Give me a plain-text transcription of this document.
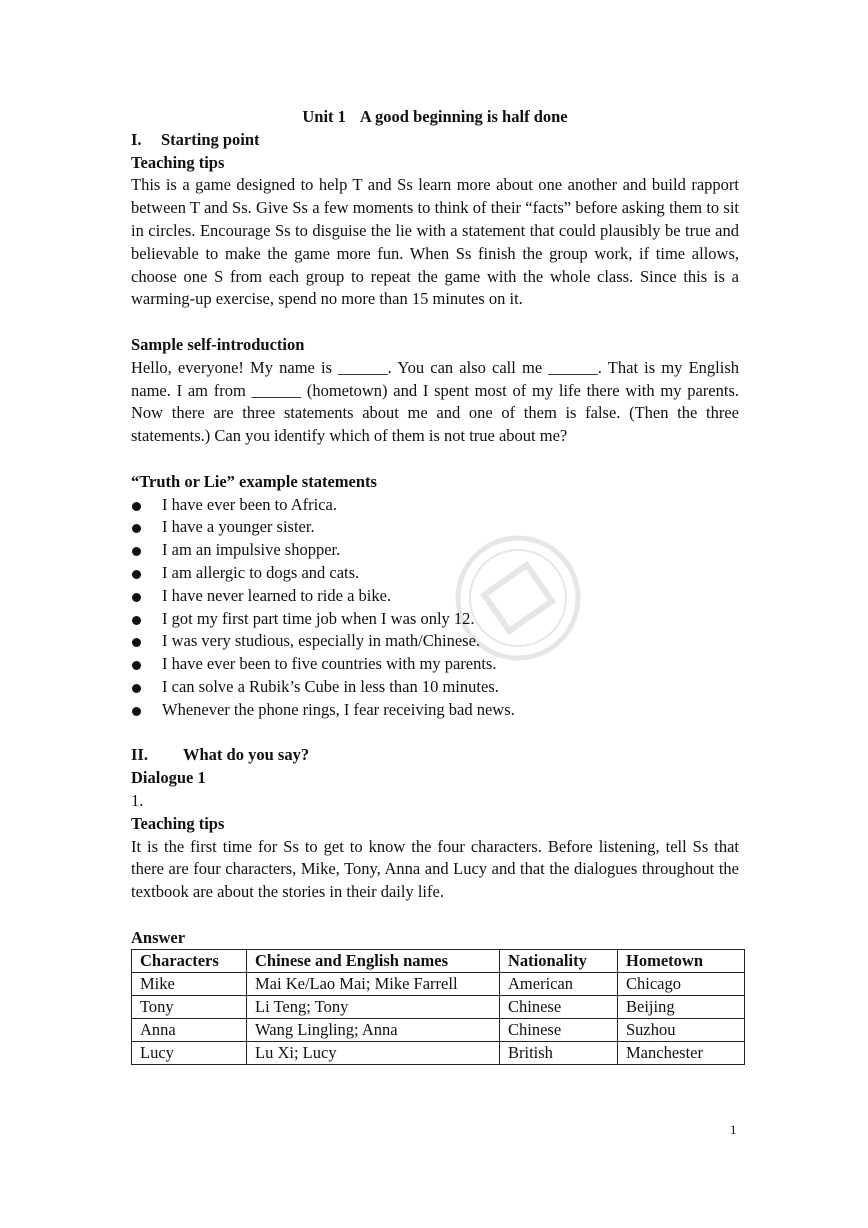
Unit 1 A good beginning is half done
I. Starting point
Teaching tips

This is a game designed to help T and Ss learn more about one another and build rapport between T and Ss. Give Ss a few moments to think of their “facts” before asking them to sit in circles. Encourage Ss to disguise the lie with a statement that could plausibly be true and believable to make the game more fun. When Ss finish the group work, if time allows, choose one S from each group to repeat the game with the whole class. Since this is a warming-up exercise, spend no more than 15 minutes on it.

Sample self-introduction

Hello, everyone! My name is ______. You can also call me ______. That is my English name. I am from ______ (hometown) and I spent most of my life there with my parents. Now there are three statements about me and one of them is false. (Then the three statements.) Can you identify which of them is not true about me?

“Truth or Lie” example statements
I have ever been to Africa.
I have a younger sister.
I am an impulsive shopper.
I am allergic to dogs and cats.
I have never learned to ride a bike.
I got my first part time job when I was only 12.
I was very studious, especially in math/Chinese.
I have ever been to five countries with my parents.
I can solve a Rubik’s Cube in less than 10 minutes.
Whenever the phone rings, I fear receiving bad news.
II. What do you say?
Dialogue 1
1.
Teaching tips

It is the first time for Ss to get to know the four characters. Before listening, tell Ss that there are four characters, Mike, Tony, Anna and Lucy and that the dialogues throughout the textbook are about the stories in their daily life.

Answer
Characters	Chinese and English names	Nationality	Hometown
Mike	Mai Ke/Lao Mai; Mike Farrell	American	Chicago
Tony	Li Teng; Tony	Chinese	Beijing
Anna	Wang Lingling; Anna	Chinese	Suzhou
Lucy	Lu Xi; Lucy	British	Manchester
1
